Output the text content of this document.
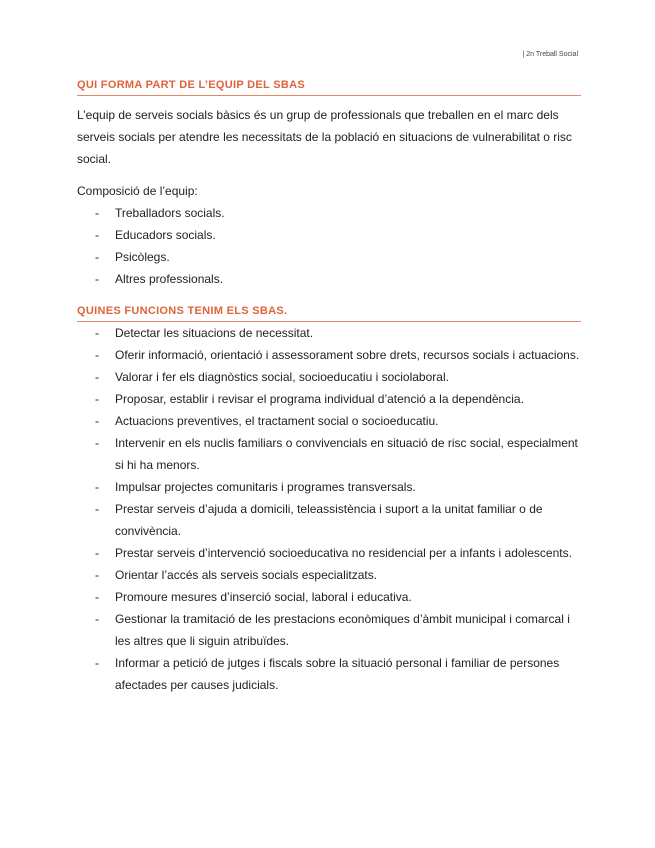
| 2n Treball Social
QUI FORMA PART DE L’EQUIP DEL SBAS

L’equip de serveis socials bàsics és un grup de professionals que treballen en el marc dels serveis socials per atendre les necessitats de la població en situacions de vulnerabilitat o risc social.

Composició de l’equip:

- Treballadors socials.
- Educadors socials.
- Psicòlegs.
- Altres professionals.
QUINES FUNCIONS TENIM ELS SBAS.
- Detectar les situacions de necessitat.
- Oferir informació, orientació i assessorament sobre drets, recursos socials i actuacions.
- Valorar i fer els diagnòstics social, socioeducatiu i sociolaboral.
- Proposar, establir i revisar el programa individual d’atenció a la dependència.
- Actuacions preventives, el tractament social o socioeducatiu.
- Intervenir en els nuclis familiars o convivencials en situació de risc social, especialment si hi ha menors.
- Impulsar projectes comunitaris i programes transversals.
- Prestar serveis d’ajuda a domicili, teleassistència i suport a la unitat familiar o de convivència.
- Prestar serveis d’intervenció socioeducativa no residencial per a infants i adolescents.
- Orientar l’accés als serveis socials especialitzats.
- Promoure mesures d’inserció social, laboral i educativa.
- Gestionar la tramitació de les prestacions econòmiques d’àmbit municipal i comarcal i les altres que li siguin atribuïdes.
- Informar a petició de jutges i fiscals sobre la situació personal i familiar de persones afectades per causes judicials.
